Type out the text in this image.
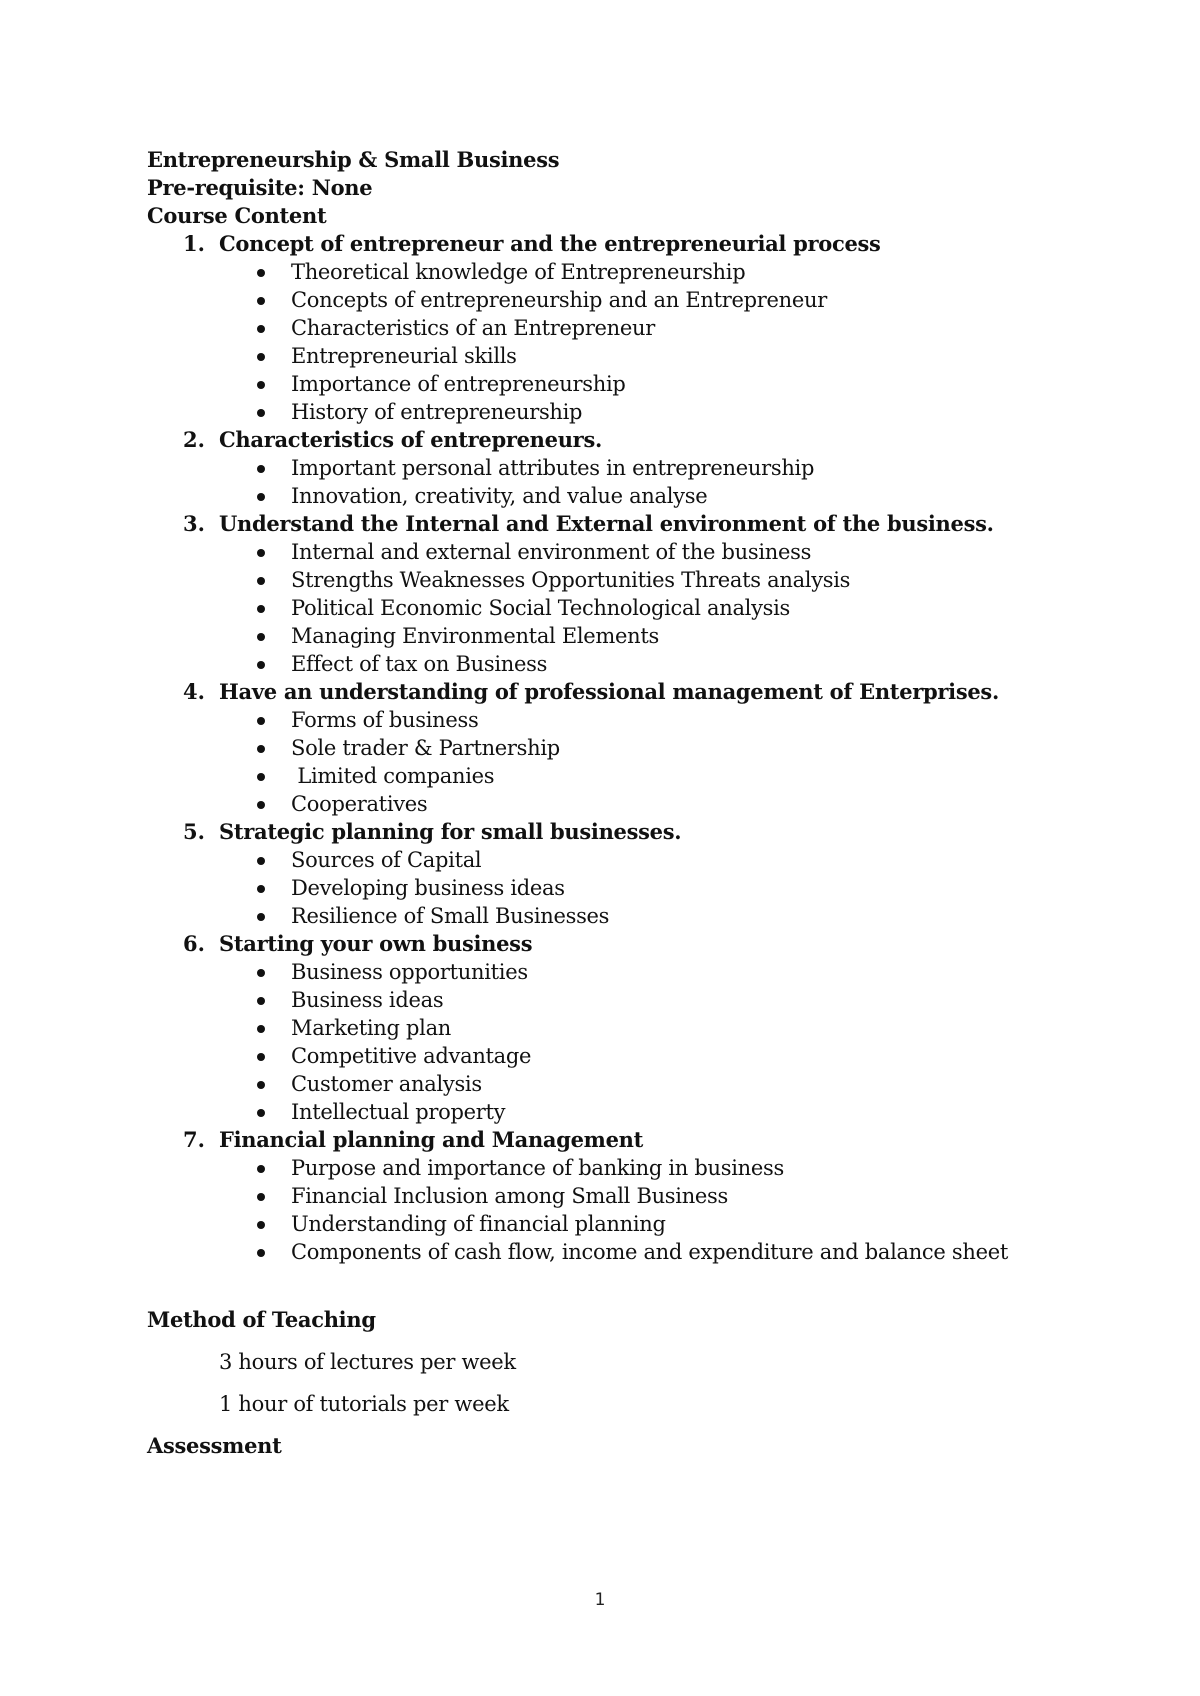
Entrepreneurship & Small Business
Pre-requisite: None
Course Content
1. Concept of entrepreneur and the entrepreneurial process
Theoretical knowledge of Entrepreneurship
Concepts of entrepreneurship and an Entrepreneur
Characteristics of an Entrepreneur
Entrepreneurial skills
Importance of entrepreneurship
History of entrepreneurship
2. Characteristics of entrepreneurs.
Important personal attributes in entrepreneurship
Innovation, creativity, and value analyse
3. Understand the Internal and External environment of the business.
Internal and external environment of the business
Strengths Weaknesses Opportunities Threats analysis
Political Economic Social Technological analysis
Managing Environmental Elements
Effect of tax on Business
4. Have an understanding of professional management of Enterprises.
Forms of business
Sole trader & Partnership
Limited companies
Cooperatives
5. Strategic planning for small businesses.
Sources of Capital
Developing business ideas
Resilience of Small Businesses
6. Starting your own business
Business opportunities
Business ideas
Marketing plan
Competitive advantage
Customer analysis
Intellectual property
7. Financial planning and Management
Purpose and importance of banking in business
Financial Inclusion among Small Business
Understanding of financial planning
Components of cash flow, income and expenditure and balance sheet
Method of Teaching
3 hours of lectures per week
1 hour of tutorials per week
Assessment
1
